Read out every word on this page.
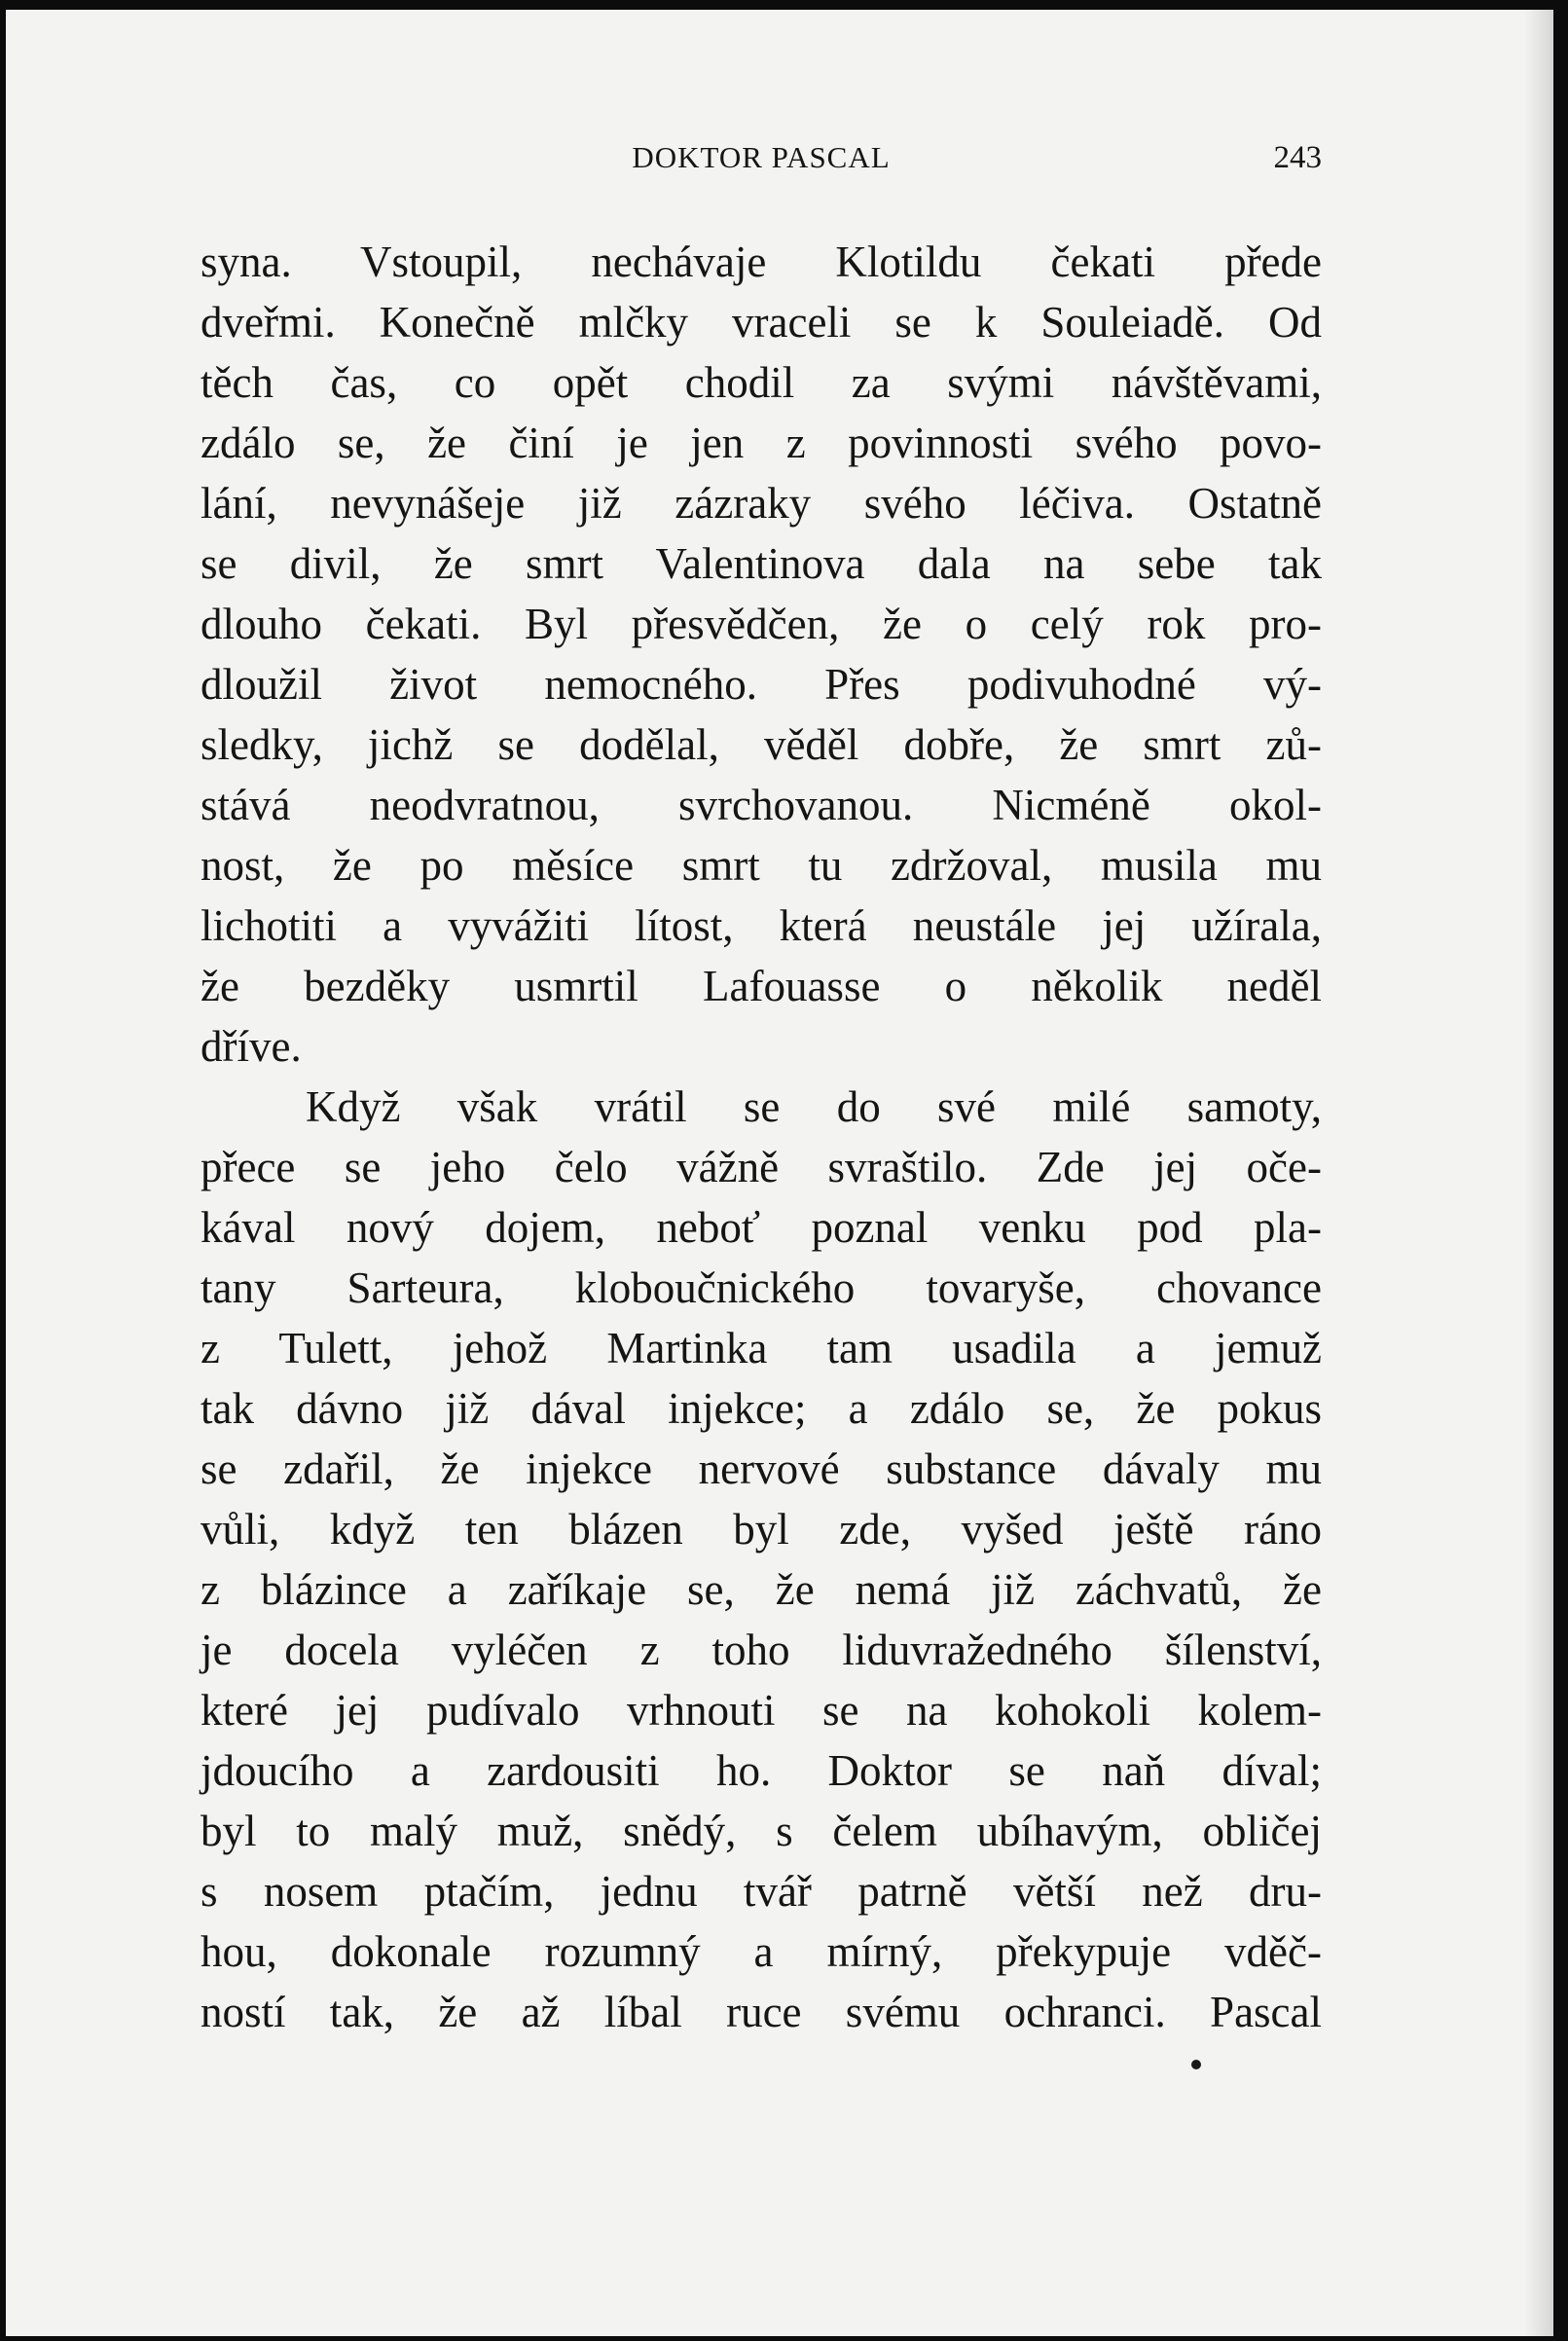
DOKTOR PASCAL	243
syna. Vstoupil, nechávaje Klotildu čekati přede
dveřmi. Konečně mlčky vraceli se k Souleiadě. Od
těch čas, co opět chodil za svými návštěvami,
zdálo se, že činí je jen z povinnosti svého povo-
lání, nevynášeje již zázraky svého léčiva. Ostatně
se divil, že smrt Valentinova dala na sebe tak
dlouho čekati. Byl přesvědčen, že o celý rok pro-
dloužil život nemocného. Přes podivuhodné vý-
sledky, jichž se dodělal, věděl dobře, že smrt zů-
stává neodvratnou, svrchovanou. Nicméně okol-
nost, že po měsíce smrt tu zdržoval, musila mu
lichotiti a vyvážiti lítost, která neustále jej užírala,
že bezděky usmrtil Lafouasse o několik neděl
dříve.
Když však vrátil se do své milé samoty,
přece se jeho čelo vážně svraštilo. Zde jej oče-
kával nový dojem, neboť poznal venku pod pla-
tany Sarteura, kloboučnického tovaryše, chovance
z Tulett, jehož Martinka tam usadila a jemuž
tak dávno již dával injekce; a zdálo se, že pokus
se zdařil, že injekce nervové substance dávaly mu
vůli, když ten blázen byl zde, vyšed ještě ráno
z blázince a zaříkaje se, že nemá již záchvatů, že
je docela vyléčen z toho liduvražedného šílenství,
které jej pudívalo vrhnouti se na kohokoli kolem-
jdoucího a zardousiti ho. Doktor se naň díval;
byl to malý muž, snědý, s čelem ubíhavým, obličej
s nosem ptačím, jednu tvář patrně větší než dru-
hou, dokonale rozumný a mírný, překypuje vděč-
ností tak, že až líbal ruce svému ochranci. Pascal
